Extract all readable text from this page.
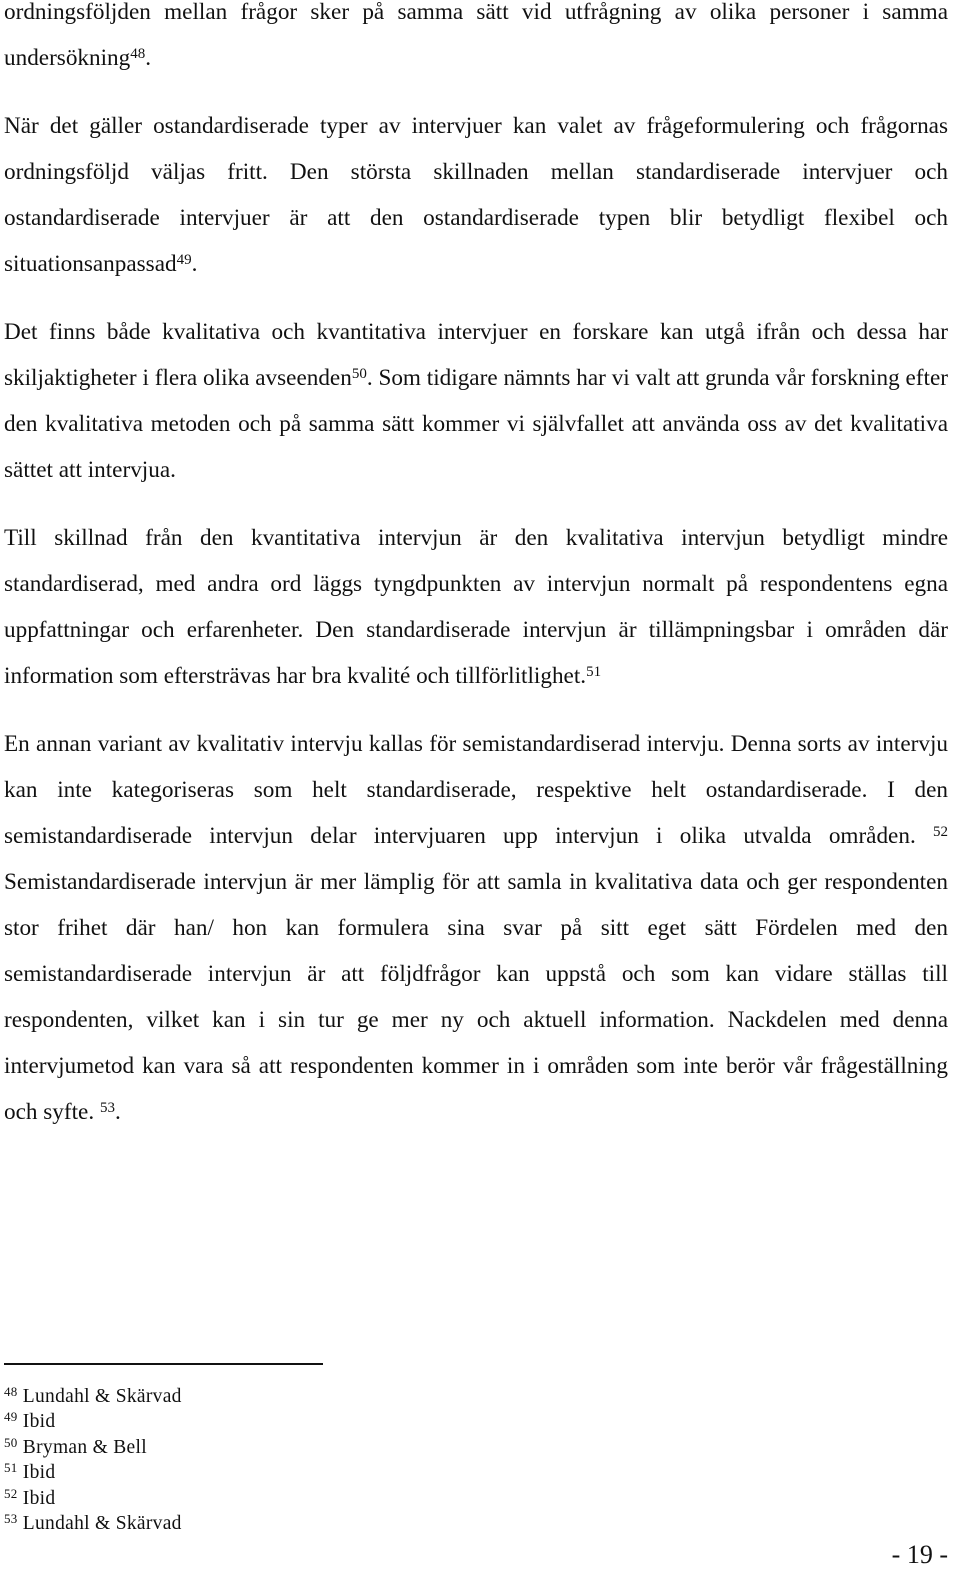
ordningsföljden mellan frågor sker på samma sätt vid utfrågning av olika personer i samma undersökning$^{48}$.

När det gäller ostandardiserade typer av intervjuer kan valet av frågeformulering och frågornas ordningsföljd väljas fritt. Den största skillnaden mellan standardiserade intervjuer och ostandardiserade intervjuer är att den ostandardiserade typen blir betydligt flexibel och situationsanpassad$^{49}$.

Det finns både kvalitativa och kvantitativa intervjuer en forskare kan utgå ifrån och dessa har skiljaktigheter i flera olika avseenden$^{50}$. Som tidigare nämnts har vi valt att grunda vår forskning efter den kvalitativa metoden och på samma sätt kommer vi självfallet att använda oss av det kvalitativa sättet att intervjua.

Till skillnad från den kvantitativa intervjun är den kvalitativa intervjun betydligt mindre standardiserad, med andra ord läggs tyngdpunkten av intervjun normalt på respondentens egna uppfattningar och erfarenheter. Den standardiserade intervjun är tillämpningsbar i områden där information som eftersträvas har bra kvalité och tillförlitlighet.$^{51}$

En annan variant av kvalitativ intervju kallas för semistandardiserad intervju. Denna sorts av intervju kan inte kategoriseras som helt standardiserade, respektive helt ostandardiserade. I den semistandardiserade intervjun delar intervjuaren upp intervjun i olika utvalda områden. $^{52}$ Semistandardiserade intervjun är mer lämplig för att samla in kvalitativa data och ger respondenten stor frihet där han/ hon kan formulera sina svar på sitt eget sätt Fördelen med den semistandardiserade intervjun är att följdfrågor kan uppstå och som kan vidare ställas till respondenten, vilket kan i sin tur ge mer ny och aktuell information. Nackdelen med denna intervjumetod kan vara så att respondenten kommer in i områden som inte berör vår frågeställning och syfte. $^{53}$.

$^{48}$ Lundahl & Skärvad
$^{49}$ Ibid
$^{50}$ Bryman & Bell
$^{51}$ Ibid
$^{52}$ Ibid
$^{53}$ Lundahl & Skärvad
- 19 -
